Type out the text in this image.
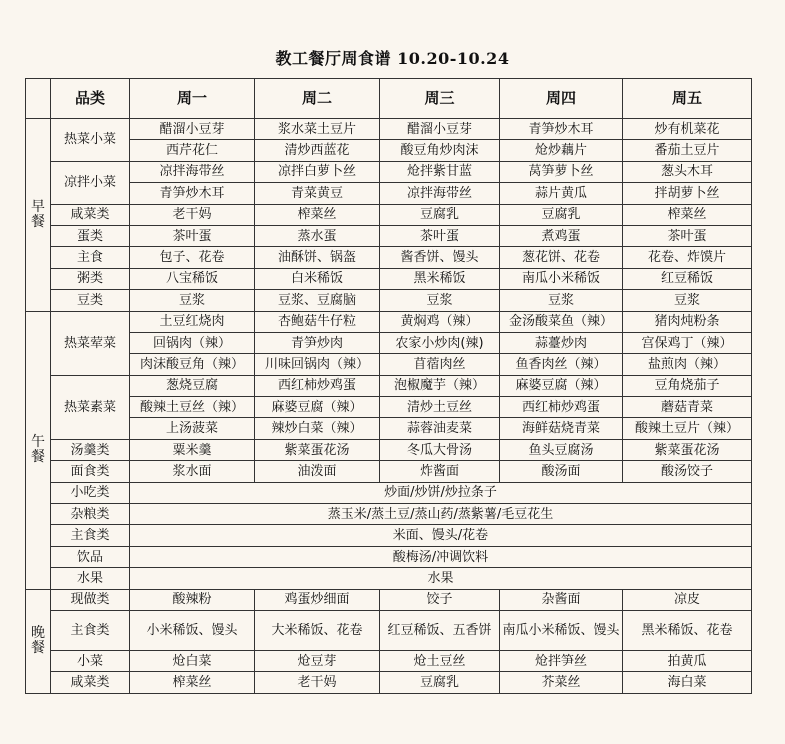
教工餐厅周食谱 10.20-10.24
	品类	周一	周二	周三	周四	周五
早
餐	热菜小菜	醋溜小豆芽	浆水菜土豆片	醋溜小豆芽	青笋炒木耳	炒有机菜花
		西芹花仁	清炒西蓝花	酸豆角炒肉沫	炝炒藕片	番茄土豆片
	凉拌小菜	凉拌海带丝	凉拌白萝卜丝	炝拌紫甘蓝	莴笋萝卜丝	葱头木耳
		青笋炒木耳	青菜黄豆	凉拌海带丝	蒜片黄瓜	拌胡萝卜丝
	咸菜类	老干妈	榨菜丝	豆腐乳	豆腐乳	榨菜丝
	蛋类	茶叶蛋	蒸水蛋	茶叶蛋	煮鸡蛋	茶叶蛋
	主食	包子、花卷	油酥饼、锅盔	酱香饼、馒头	葱花饼、花卷	花卷、炸馍片
	粥类	八宝稀饭	白米稀饭	黑米稀饭	南瓜小米稀饭	红豆稀饭
	豆类	豆浆	豆浆、豆腐脑	豆浆	豆浆	豆浆
午
餐	热菜荤菜	土豆红烧肉	杏鲍菇牛仔粒	黄焖鸡（辣）	金汤酸菜鱼（辣）	猪肉炖粉条
		回锅肉（辣）	青笋炒肉	农家小炒肉(辣)	蒜薹炒肉	宫保鸡丁（辣）
		肉沫酸豆角（辣）	川味回锅肉（辣）	苜蓿肉丝	鱼香肉丝（辣）	盐煎肉（辣）
	热菜素菜	葱烧豆腐	西红柿炒鸡蛋	泡椒魔芋（辣）	麻婆豆腐（辣）	豆角烧茄子
		酸辣土豆丝（辣）	麻婆豆腐（辣）	清炒土豆丝	西红柿炒鸡蛋	蘑菇青菜
		上汤菠菜	辣炒白菜（辣）	蒜蓉油麦菜	海鲜菇烧青菜	酸辣土豆片（辣）
	汤羹类	粟米羹	紫菜蛋花汤	冬瓜大骨汤	鱼头豆腐汤	紫菜蛋花汤
	面食类	浆水面	油泼面	炸酱面	酸汤面	酸汤饺子
	小吃类	炒面/炒饼/炒拉条子				
	杂粮类	蒸玉米/蒸土豆/蒸山药/蒸紫薯/毛豆花生				
	主食类	米面、馒头/花卷				
	饮品	酸梅汤/冲调饮料				
	水果	水果				
晚
餐	现做类	酸辣粉	鸡蛋炒细面	饺子	杂酱面	凉皮
	主食类	小米稀饭、馒头	大米稀饭、花卷	红豆稀饭、五香饼	南瓜小米稀饭、馒头	黑米稀饭、花卷
	小菜	炝白菜	炝豆芽	炝土豆丝	炝拌笋丝	拍黄瓜
	咸菜类	榨菜丝	老干妈	豆腐乳	芥菜丝	海白菜
